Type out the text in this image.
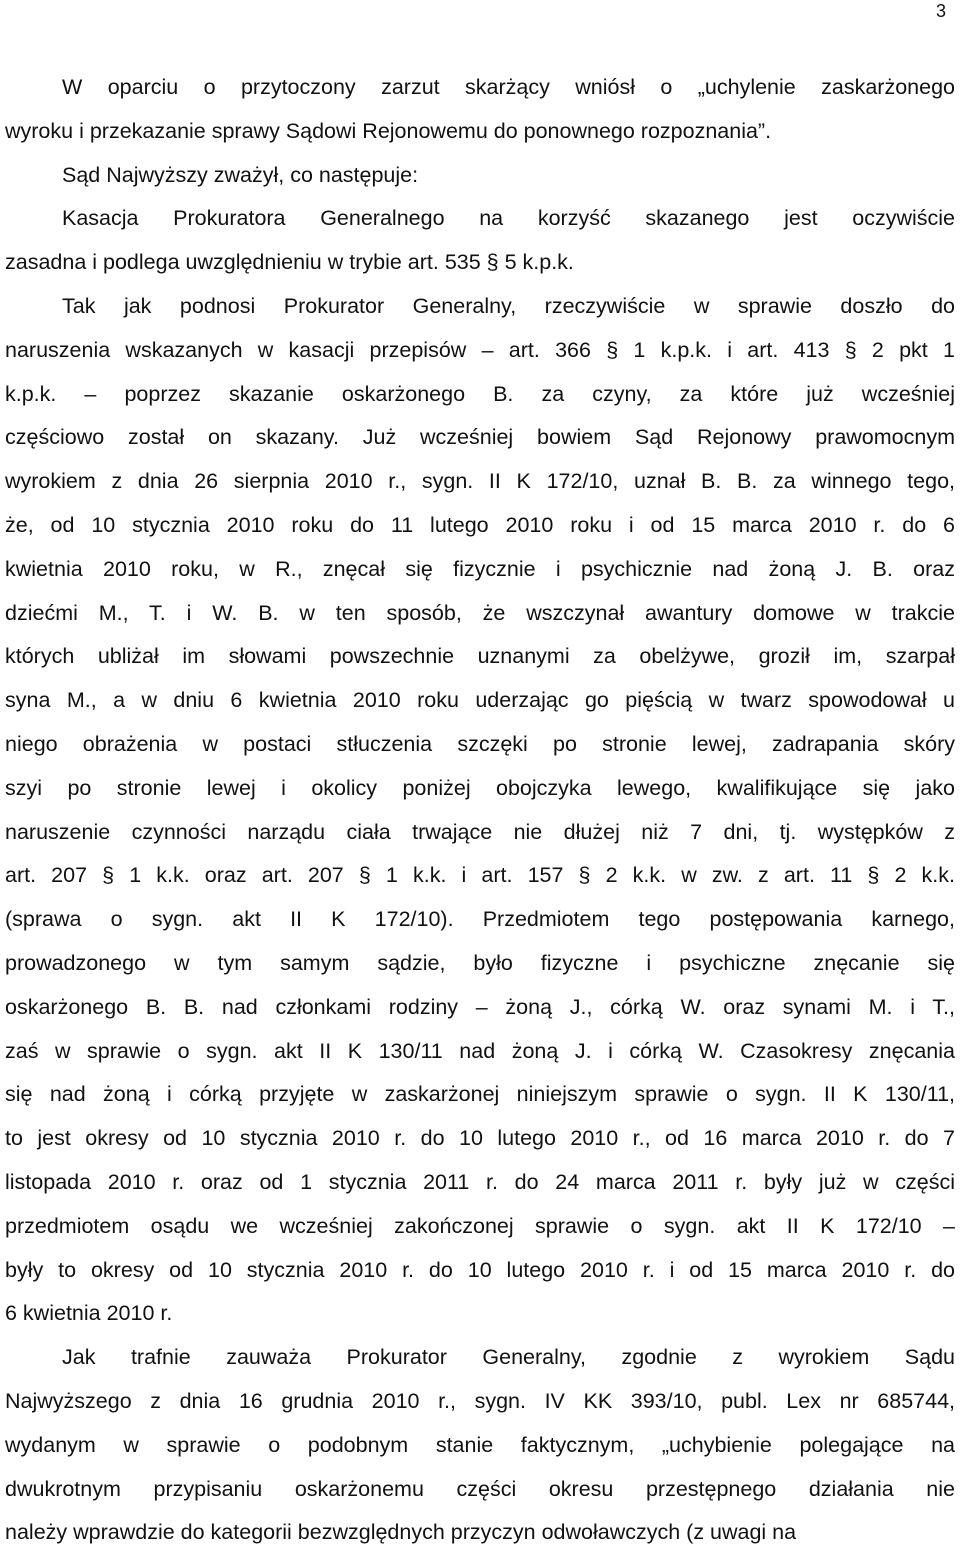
3
W oparciu o przytoczony zarzut skarżący wniósł o „uchylenie zaskarżonego
wyroku i przekazanie sprawy Sądowi Rejonowemu do ponownego rozpoznania”.
Sąd Najwyższy zważył, co następuje:
Kasacja Prokuratora Generalnego na korzyść skazanego jest oczywiście
zasadna i podlega uwzględnieniu w trybie art. 535 § 5 k.p.k.
Tak jak podnosi Prokurator Generalny, rzeczywiście w sprawie doszło do
naruszenia wskazanych w kasacji przepisów – art. 366 § 1 k.p.k. i art. 413 § 2 pkt 1
k.p.k. – poprzez skazanie oskarżonego B. za czyny, za które już wcześniej
częściowo został on skazany. Już wcześniej bowiem Sąd Rejonowy prawomocnym
wyrokiem z dnia 26 sierpnia 2010 r., sygn. II K 172/10, uznał B. B. za winnego tego,
że, od 10 stycznia 2010 roku do 11 lutego 2010 roku i od 15 marca 2010 r. do 6
kwietnia 2010 roku, w R., znęcał się fizycznie i psychicznie nad żoną J. B. oraz
dziećmi M., T. i W. B. w ten sposób, że wszczynał awantury domowe w trakcie
których ubliżał im słowami powszechnie uznanymi za obelżywe, groził im, szarpał
syna M., a w dniu 6 kwietnia 2010 roku uderzając go pięścią w twarz spowodował u
niego obrażenia w postaci stłuczenia szczęki po stronie lewej, zadrapania skóry
szyi po stronie lewej i okolicy poniżej obojczyka lewego, kwalifikujące się jako
naruszenie czynności narządu ciała trwające nie dłużej niż 7 dni, tj. występków z
art. 207 § 1 k.k. oraz art. 207 § 1 k.k. i art. 157 § 2 k.k. w zw. z art. 11 § 2 k.k.
(sprawa o sygn. akt II K 172/10). Przedmiotem tego postępowania karnego,
prowadzonego w tym samym sądzie, było fizyczne i psychiczne znęcanie się
oskarżonego B. B. nad członkami rodziny – żoną J., córką W. oraz synami M. i T.,
zaś w sprawie o sygn. akt II K 130/11 nad żoną J. i córką W. Czasokresy znęcania
się nad żoną i córką przyjęte w zaskarżonej niniejszym sprawie o sygn. II K 130/11,
to jest okresy od 10 stycznia 2010 r. do 10 lutego 2010 r., od 16 marca 2010 r. do 7
listopada 2010 r. oraz od 1 stycznia 2011 r. do 24 marca 2011 r. były już w części
przedmiotem osądu we wcześniej zakończonej sprawie o sygn. akt II K 172/10 –
były to okresy od 10 stycznia 2010 r. do 10 lutego 2010 r. i od 15 marca 2010 r. do
6 kwietnia 2010 r.
Jak trafnie zauważa Prokurator Generalny, zgodnie z wyrokiem Sądu
Najwyższego z dnia 16 grudnia 2010 r., sygn. IV KK 393/10, publ. Lex nr 685744,
wydanym w sprawie o podobnym stanie faktycznym, „uchybienie polegające na
dwukrotnym przypisaniu oskarżonemu części okresu przestępnego działania nie
należy wprawdzie do kategorii bezwzględnych przyczyn odwoławczych (z uwagi na
